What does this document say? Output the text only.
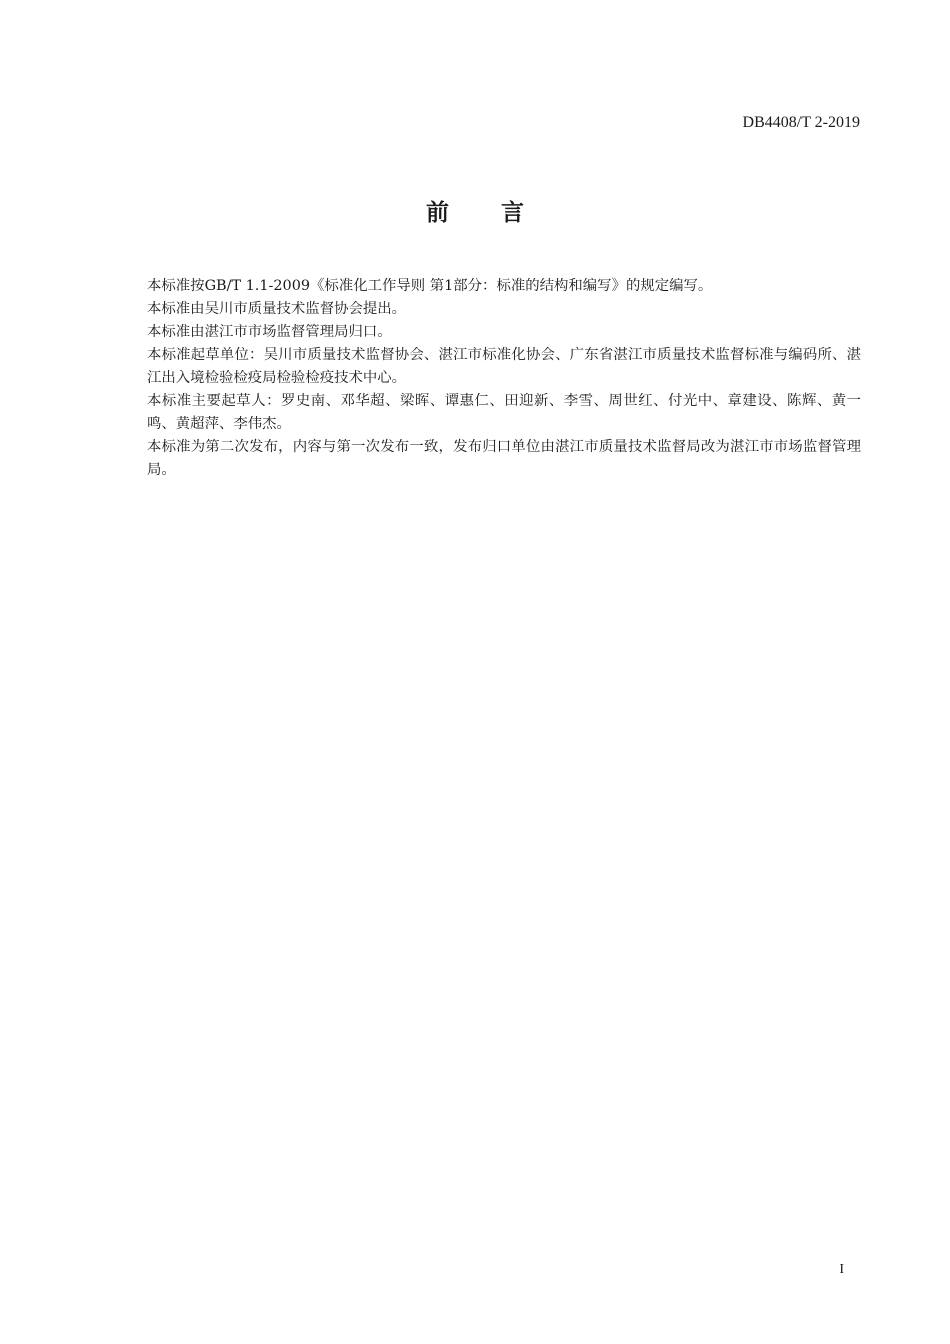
DB4408/T 2-2019
前 言

本标准按GB/T 1.1-2009《标准化工作导则 第1部分：标准的结构和编写》的规定编写。

本标准由吴川市质量技术监督协会提出。

本标准由湛江市市场监督管理局归口。

本标准起草单位：吴川市质量技术监督协会、湛江市标准化协会、广东省湛江市质量技术监督标准与编码所、湛江出入境检验检疫局检验检疫技术中心。

本标准主要起草人：罗史南、邓华超、梁晖、谭惠仁、田迎新、李雪、周世红、付光中、章建设、陈辉、黄一鸣、黄超萍、李伟杰。

本标准为第二次发布，内容与第一次发布一致，发布归口单位由湛江市质量技术监督局改为湛江市市场监督管理局。

I
